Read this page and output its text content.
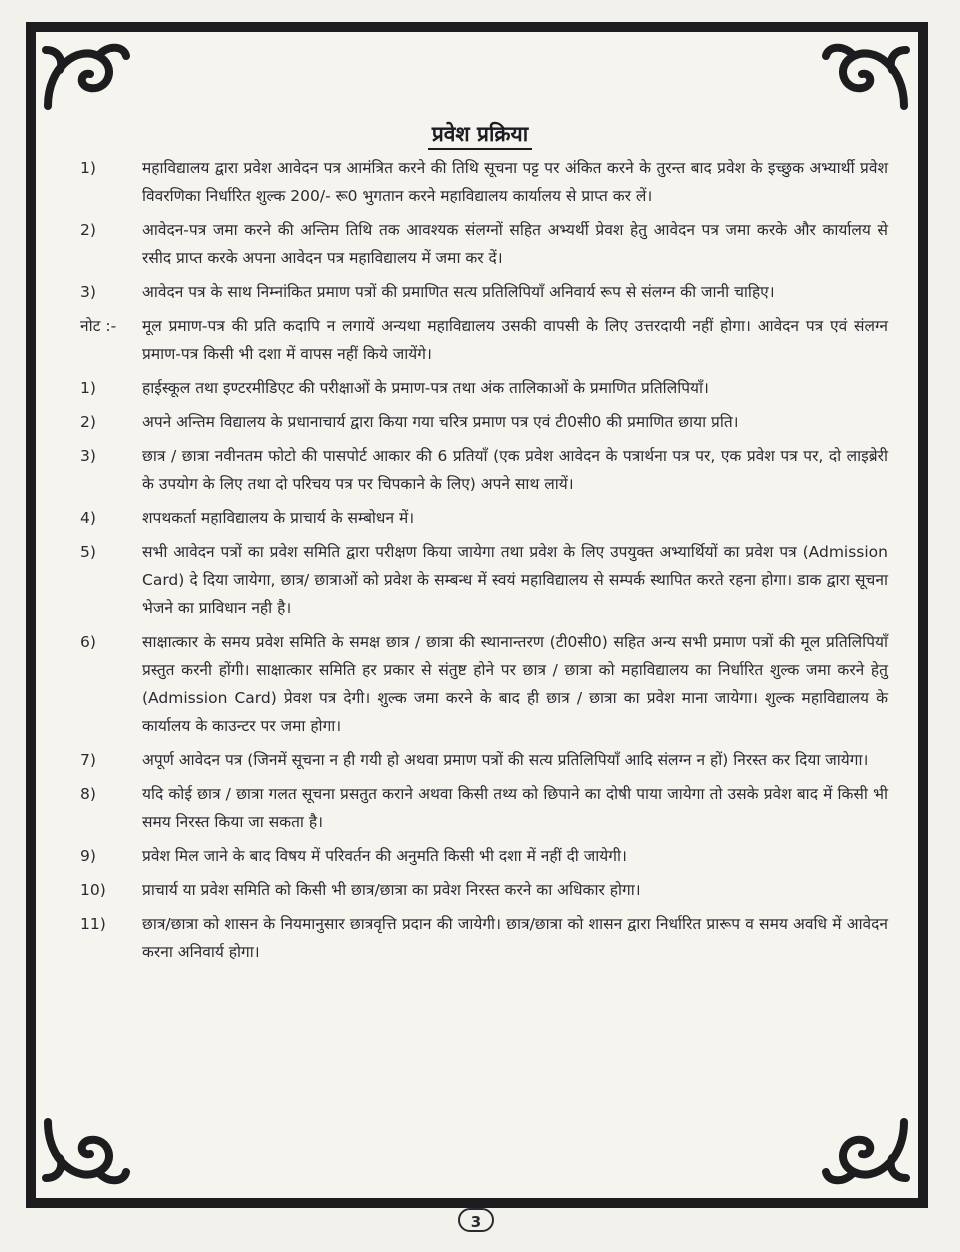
प्रवेश प्रक्रिया
1)	महाविद्यालय द्वारा प्रवेश आवेदन पत्र आमंत्रित करने की तिथि सूचना पट्ट पर अंकित करने के तुरन्त बाद प्रवेश के इच्छुक अभ्यार्थी प्रवेश विवरणिका निर्धारित शुल्क 200/- रू0 भुगतान करने महाविद्यालय कार्यालय से प्राप्त कर लें।
2)	आवेदन-पत्र जमा करने की अन्तिम तिथि तक आवश्यक संलग्नों सहित अभ्यर्थी प्रेवश हेतु आवेदन पत्र जमा करके और कार्यालय से रसीद प्राप्त करके अपना आवेदन पत्र महाविद्यालय में जमा कर दें।
3)	आवेदन पत्र के साथ निम्नांकित प्रमाण पत्रों की प्रमाणित सत्य प्रतिलिपियाँ अनिवार्य रूप से संलग्न की जानी चाहिए।
नोट :-	मूल प्रमाण-पत्र की प्रति कदापि न लगायें अन्यथा महाविद्यालय उसकी वापसी के लिए उत्तरदायी नहीं होगा। आवेदन पत्र एवं संलग्न प्रमाण-पत्र किसी भी दशा में वापस नहीं किये जायेंगे।
1)	हाईस्कूल तथा इण्टरमीडिएट की परीक्षाओं के प्रमाण-पत्र तथा अंक तालिकाओं के प्रमाणित प्रतिलिपियाँ।
2)	अपने अन्तिम विद्यालय के प्रधानाचार्य द्वारा किया गया चरित्र प्रमाण पत्र एवं टी0सी0 की प्रमाणित छाया प्रति।
3)	छात्र / छात्रा नवीनतम फोटो की पासपोर्ट आकार की 6 प्रतियाँ (एक प्रवेश आवेदन के पत्रार्थना पत्र पर, एक प्रवेश पत्र पर, दो लाइब्रेरी के उपयोग के लिए तथा दो परिचय पत्र पर चिपकाने के लिए) अपने साथ लायें।
4)	शपथकर्ता महाविद्यालय के प्राचार्य के सम्बोधन में।
5)	सभी आवेदन पत्रों का प्रवेश समिति द्वारा परीक्षण किया जायेगा तथा प्रवेश के लिए उपयुक्त अभ्यार्थियों का प्रवेश पत्र (Admission Card) दे दिया जायेगा, छात्र/ छात्राओं को प्रवेश के सम्बन्ध में स्वयं महाविद्यालय से सम्पर्क स्थापित करते रहना होगा। डाक द्वारा सूचना भेजने का प्राविधान नही है।
6)	साक्षात्कार के समय प्रवेश समिति के समक्ष छात्र / छात्रा की स्थानान्तरण (टी0सी0) सहित अन्य सभी प्रमाण पत्रों की मूल प्रतिलिपियाँ प्रस्तुत करनी होंगी। साक्षात्कार समिति हर प्रकार से संतुष्ट होने पर छात्र / छात्रा को महाविद्यालय का निर्धारित शुल्क जमा करने हेतु (Admission Card) प्रेवश पत्र देगी। शुल्क जमा करने के बाद ही छात्र / छात्रा का प्रवेश माना जायेगा। शुल्क महाविद्यालय के कार्यालय के काउन्टर पर जमा होगा।
7)	अपूर्ण आवेदन पत्र (जिनमें सूचना न ही गयी हो अथवा प्रमाण पत्रों की सत्य प्रतिलिपियाँ आदि संलग्न न हों) निरस्त कर दिया जायेगा।
8)	यदि कोई छात्र / छात्रा गलत सूचना प्रसतुत कराने अथवा किसी तथ्य को छिपाने का दोषी पाया जायेगा तो उसके प्रवेश बाद में किसी भी समय निरस्त किया जा सकता है।
9)	प्रवेश मिल जाने के बाद विषय में परिवर्तन की अनुमति किसी भी दशा में नहीं दी जायेगी।
10)	प्राचार्य या प्रवेश समिति को किसी भी छात्र/छात्रा का प्रवेश निरस्त करने का अधिकार होगा।
11)	छात्र/छात्रा को शासन के नियमानुसार छात्रवृत्ति प्रदान की जायेगी। छात्र/छात्रा को शासन द्वारा निर्धारित प्रारूप व समय अवधि में आवेदन करना अनिवार्य होगा।
3
